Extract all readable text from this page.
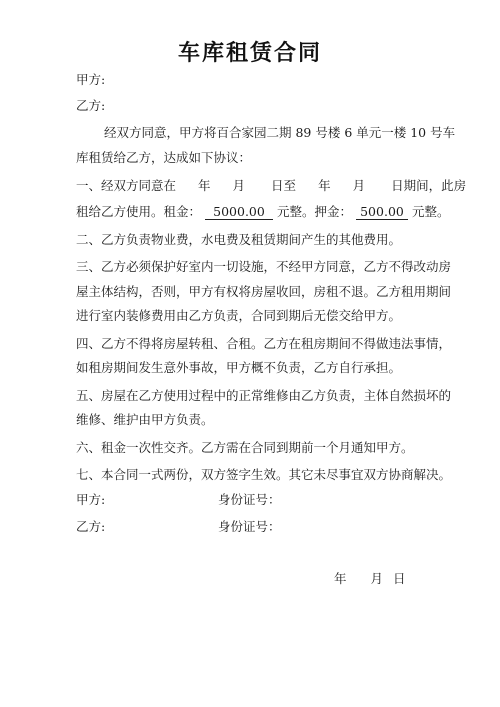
车库租赁合同
甲方:
乙方:
经双方同意，甲方将百合家园二期 89 号楼 6 单元一楼 10 号车
库租赁给乙方，达成如下协议：
一、经双方同意在 年 月 日至 年 月 日期间，此房
租给乙方使用。租金： 5000.00 元整。押金： 500.00 元整。
二、乙方负责物业费，水电费及租赁期间产生的其他费用。
三、乙方必须保护好室内一切设施，不经甲方同意，乙方不得改动房
屋主体结构，否则，甲方有权将房屋收回，房租不退。乙方租用期间
进行室内装修费用由乙方负责，合同到期后无偿交给甲方。
四、乙方不得将房屋转租、合租。乙方在租房期间不得做违法事情，
如租房期间发生意外事故，甲方概不负责，乙方自行承担。
五、房屋在乙方使用过程中的正常维修由乙方负责，主体自然损坏的
维修、维护由甲方负责。
六、租金一次性交齐。乙方需在合同到期前一个月通知甲方。
七、本合同一式两份，双方签字生效。其它未尽事宜双方协商解决。
甲方:	身份证号：
乙方:	身份证号：
年 月 日
